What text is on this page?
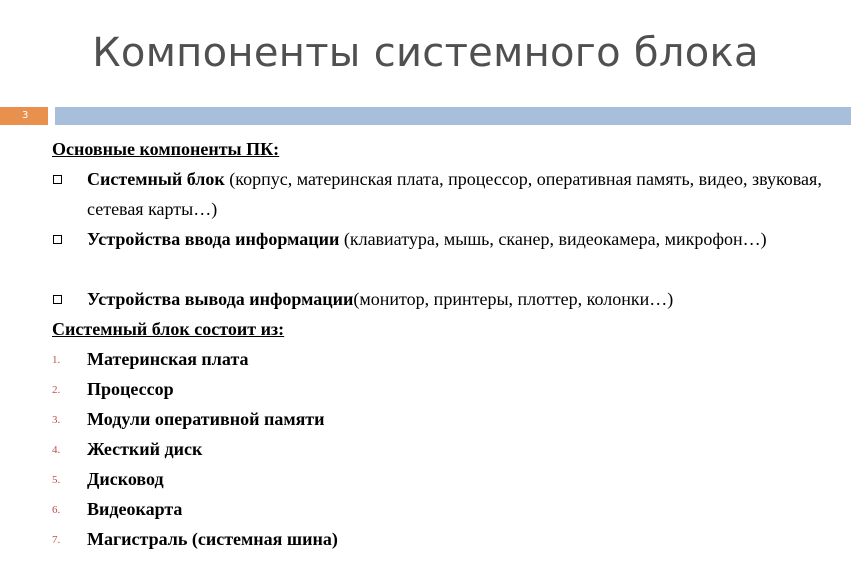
Компоненты системного блока
3
Основные компоненты ПК:
Системный блок (корпус, материнская плата, процессор, оперативная память, видео, звуковая, сетевая карты…)
Устройства ввода информации (клавиатура, мышь, сканер, видеокамера, микрофон…)
Устройства вывода информации(монитор, принтеры, плоттер, колонки…)
Системный блок состоит из:
1. Материнская плата
2. Процессор
3. Модули оперативной памяти
4. Жесткий диск
5. Дисковод
6. Видеокарта
7. Магистраль (системная шина)
